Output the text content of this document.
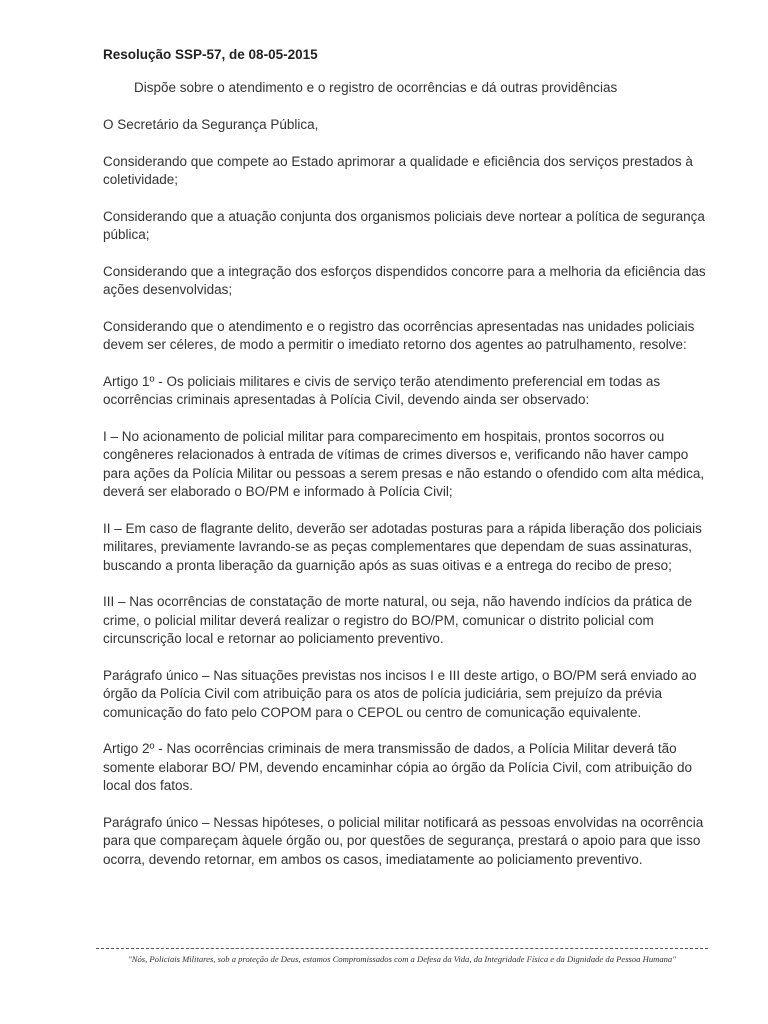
Resolução SSP-57, de 08-05-2015
Dispõe sobre o atendimento e o registro de ocorrências e dá outras providências

O Secretário da Segurança Pública,

Considerando que compete ao Estado aprimorar a qualidade e eficiência dos serviços prestados à coletividade;

Considerando que a atuação conjunta dos organismos policiais deve nortear a política de segurança pública;

Considerando que a integração dos esforços dispendidos concorre para a melhoria da eficiência das ações desenvolvidas;

Considerando que o atendimento e o registro das ocorrências apresentadas nas unidades policiais devem ser céleres, de modo a permitir o imediato retorno dos agentes ao patrulhamento, resolve:

Artigo 1º - Os policiais militares e civis de serviço terão atendimento preferencial em todas as ocorrências criminais apresentadas à Polícia Civil, devendo ainda ser observado:

I – No acionamento de policial militar para comparecimento em hospitais, prontos socorros ou congêneres relacionados à entrada de vítimas de crimes diversos e, verificando não haver campo para ações da Polícia Militar ou pessoas a serem presas e não estando o ofendido com alta médica, deverá ser elaborado o BO/PM e informado à Polícia Civil;

II – Em caso de flagrante delito, deverão ser adotadas posturas para a rápida liberação dos policiais militares, previamente lavrando-se as peças complementares que dependam de suas assinaturas, buscando a pronta liberação da guarnição após as suas oitivas e a entrega do recibo de preso;

III – Nas ocorrências de constatação de morte natural, ou seja, não havendo indícios da prática de crime, o policial militar deverá realizar o registro do BO/PM, comunicar o distrito policial com circunscrição local e retornar ao policiamento preventivo.

Parágrafo único – Nas situações previstas nos incisos I e III deste artigo, o BO/PM será enviado ao órgão da Polícia Civil com atribuição para os atos de polícia judiciária, sem prejuízo da prévia comunicação do fato pelo COPOM para o CEPOL ou centro de comunicação equivalente.

Artigo 2º - Nas ocorrências criminais de mera transmissão de dados, a Polícia Militar deverá tão somente elaborar BO/ PM, devendo encaminhar cópia ao órgão da Polícia Civil, com atribuição do local dos fatos.

Parágrafo único – Nessas hipóteses, o policial militar notificará as pessoas envolvidas na ocorrência para que compareçam àquele órgão ou, por questões de segurança, prestará o apoio para que isso ocorra, devendo retornar, em ambos os casos, imediatamente ao policiamento preventivo.

"Nós, Policiais Militares, sob a proteção de Deus, estamos Compromissados com a Defesa da Vida, da Integridade Física e da Dignidade da Pessoa Humana"
